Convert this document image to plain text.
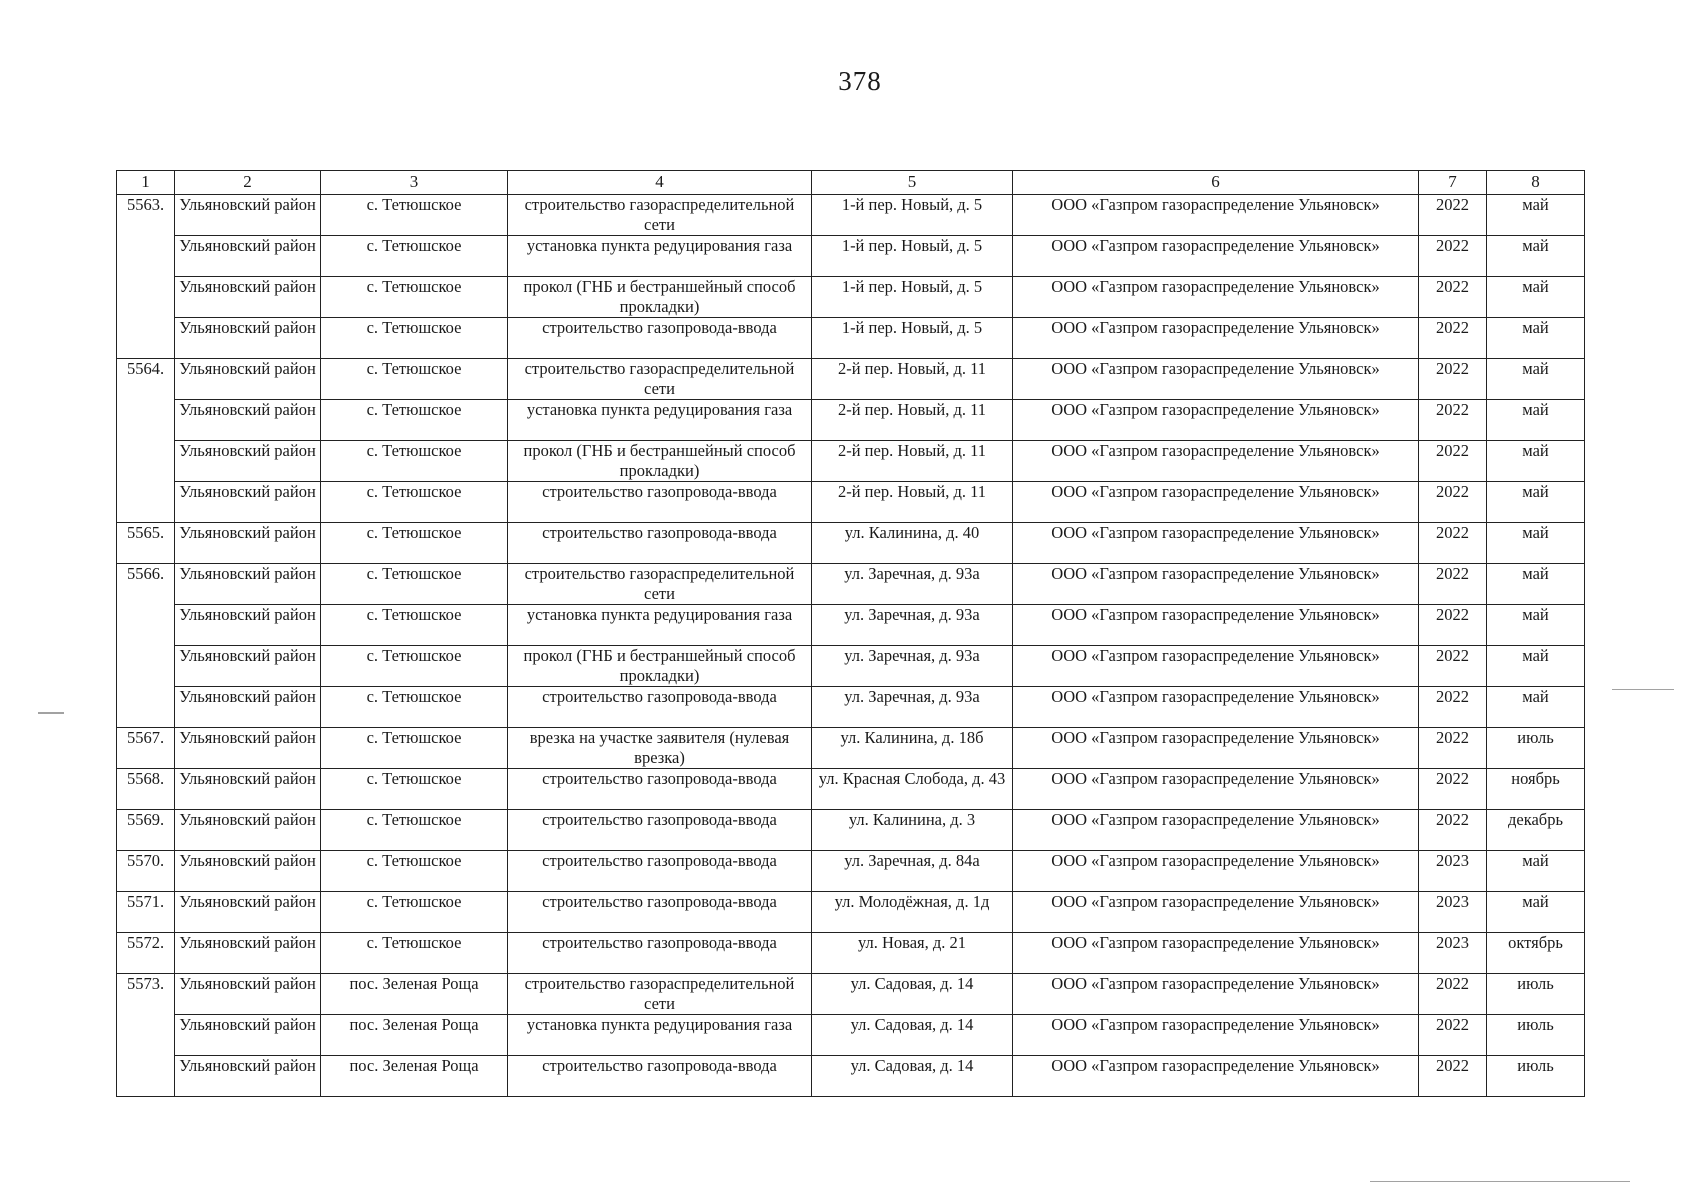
378
1	2	3	4	5	6	7	8
5563.	Ульяновский район	с. Тетюшское	строительство газораспределительной сети	1-й пер. Новый, д. 5	ООО «Газпром газораспределение Ульяновск»	2022	май
	Ульяновский район	с. Тетюшское	установка пункта редуцирования газа	1-й пер. Новый, д. 5	ООО «Газпром газораспределение Ульяновск»	2022	май
	Ульяновский район	с. Тетюшское	прокол (ГНБ и бестраншейный способ прокладки)	1-й пер. Новый, д. 5	ООО «Газпром газораспределение Ульяновск»	2022	май
	Ульяновский район	с. Тетюшское	строительство газопровода-ввода	1-й пер. Новый, д. 5	ООО «Газпром газораспределение Ульяновск»	2022	май
5564.	Ульяновский район	с. Тетюшское	строительство газораспределительной сети	2-й пер. Новый, д. 11	ООО «Газпром газораспределение Ульяновск»	2022	май
	Ульяновский район	с. Тетюшское	установка пункта редуцирования газа	2-й пер. Новый, д. 11	ООО «Газпром газораспределение Ульяновск»	2022	май
	Ульяновский район	с. Тетюшское	прокол (ГНБ и бестраншейный способ прокладки)	2-й пер. Новый, д. 11	ООО «Газпром газораспределение Ульяновск»	2022	май
	Ульяновский район	с. Тетюшское	строительство газопровода-ввода	2-й пер. Новый, д. 11	ООО «Газпром газораспределение Ульяновск»	2022	май
5565.	Ульяновский район	с. Тетюшское	строительство газопровода-ввода	ул. Калинина, д. 40	ООО «Газпром газораспределение Ульяновск»	2022	май
5566.	Ульяновский район	с. Тетюшское	строительство газораспределительной сети	ул. Заречная, д. 93а	ООО «Газпром газораспределение Ульяновск»	2022	май
	Ульяновский район	с. Тетюшское	установка пункта редуцирования газа	ул. Заречная, д. 93а	ООО «Газпром газораспределение Ульяновск»	2022	май
	Ульяновский район	с. Тетюшское	прокол (ГНБ и бестраншейный способ прокладки)	ул. Заречная, д. 93а	ООО «Газпром газораспределение Ульяновск»	2022	май
	Ульяновский район	с. Тетюшское	строительство газопровода-ввода	ул. Заречная, д. 93а	ООО «Газпром газораспределение Ульяновск»	2022	май
5567.	Ульяновский район	с. Тетюшское	врезка на участке заявителя (нулевая врезка)	ул. Калинина, д. 18б	ООО «Газпром газораспределение Ульяновск»	2022	июль
5568.	Ульяновский район	с. Тетюшское	строительство газопровода-ввода	ул. Красная Слобода, д. 43	ООО «Газпром газораспределение Ульяновск»	2022	ноябрь
5569.	Ульяновский район	с. Тетюшское	строительство газопровода-ввода	ул. Калинина, д. 3	ООО «Газпром газораспределение Ульяновск»	2022	декабрь
5570.	Ульяновский район	с. Тетюшское	строительство газопровода-ввода	ул. Заречная, д. 84а	ООО «Газпром газораспределение Ульяновск»	2023	май
5571.	Ульяновский район	с. Тетюшское	строительство газопровода-ввода	ул. Молодёжная, д. 1д	ООО «Газпром газораспределение Ульяновск»	2023	май
5572.	Ульяновский район	с. Тетюшское	строительство газопровода-ввода	ул. Новая, д. 21	ООО «Газпром газораспределение Ульяновск»	2023	октябрь
5573.	Ульяновский район	пос. Зеленая Роща	строительство газораспределительной сети	ул. Садовая, д. 14	ООО «Газпром газораспределение Ульяновск»	2022	июль
	Ульяновский район	пос. Зеленая Роща	установка пункта редуцирования газа	ул. Садовая, д. 14	ООО «Газпром газораспределение Ульяновск»	2022	июль
	Ульяновский район	пос. Зеленая Роща	строительство газопровода-ввода	ул. Садовая, д. 14	ООО «Газпром газораспределение Ульяновск»	2022	июль
